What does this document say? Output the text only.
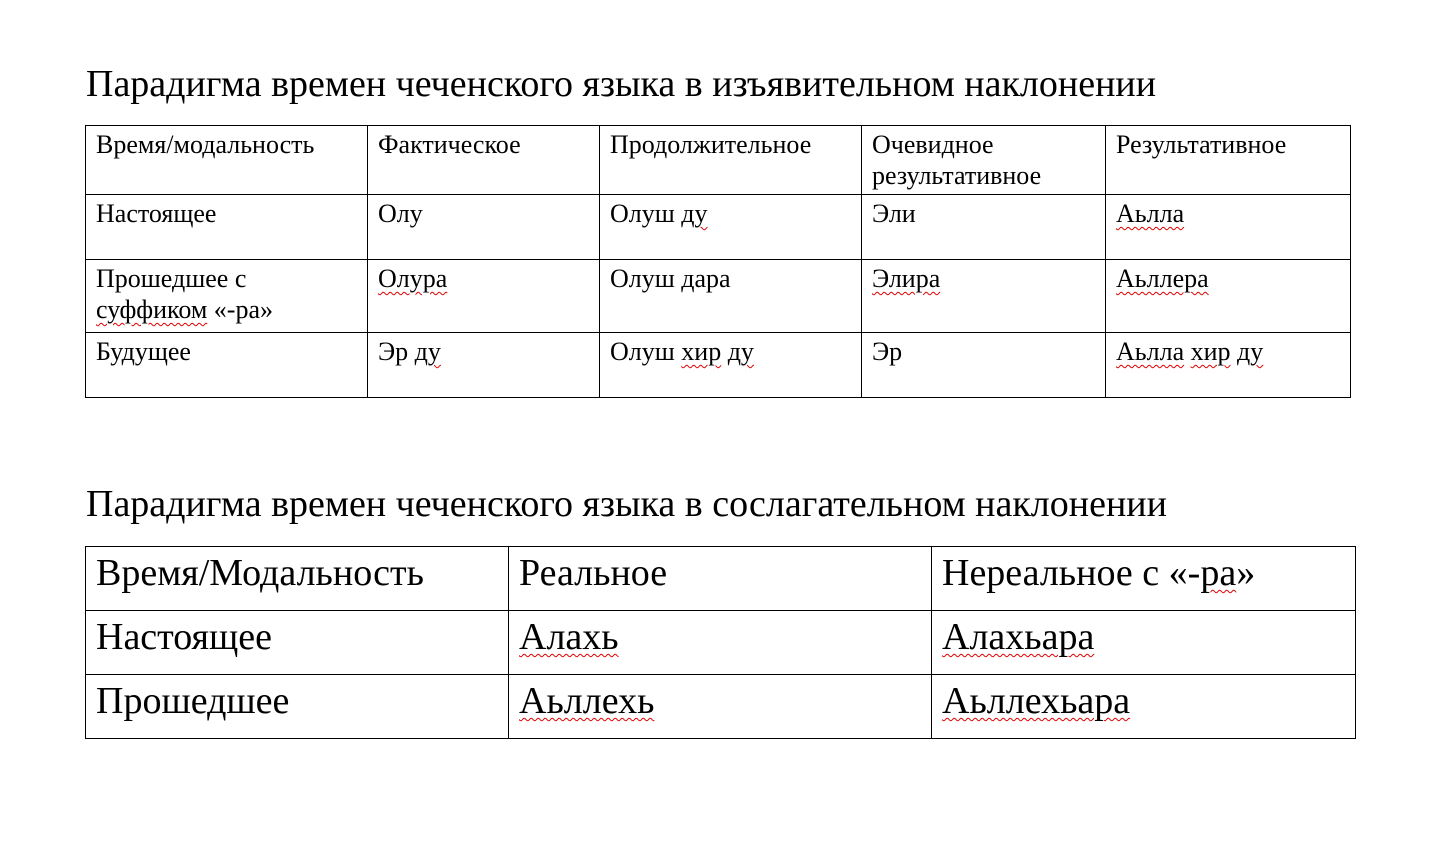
Парадигма времен чеченского языка в изъявительном наклонении
Время/модальность	Фактическое	Продолжительное	Очевидное результативное	Результативное
Настоящее	Олу	Олуш ду	Эли	Аьлла
Прошедшее с
суффиком «-ра»	Олура	Олуш дара	Элира	Аьллера
Будущее	Эр ду	Олуш хир ду	Эр	Аьлла хир ду
Парадигма времен чеченского языка в сослагательном наклонении
Время/Модальность	Реальное	Нереальное с «-ра»
Настоящее	Алахь	Алахьара
Прошедшее	Аьллехь	Аьллехьара
